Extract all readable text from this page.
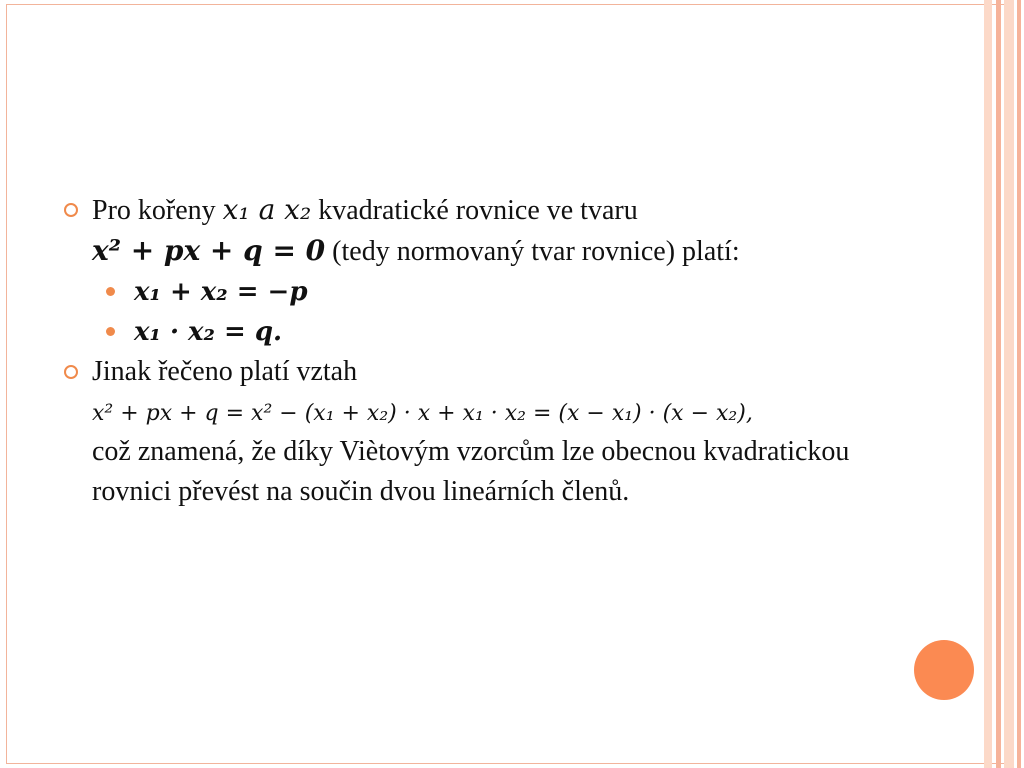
Pro kořeny x₁ a x₂ kvadratické rovnice ve tvaru
x² + px + q = 0 (tedy normovaný tvar rovnice) platí:
x₁ + x₂ = −p
x₁ · x₂ = q.
Jinak řečeno platí vztah
x² + px + q = x² − (x₁ + x₂) · x + x₁ · x₂ = (x − x₁) · (x − x₂),
což znamená, že díky Viètovým vzorcům lze obecnou kvadratickou rovnici převést na součin dvou lineárních členů.
